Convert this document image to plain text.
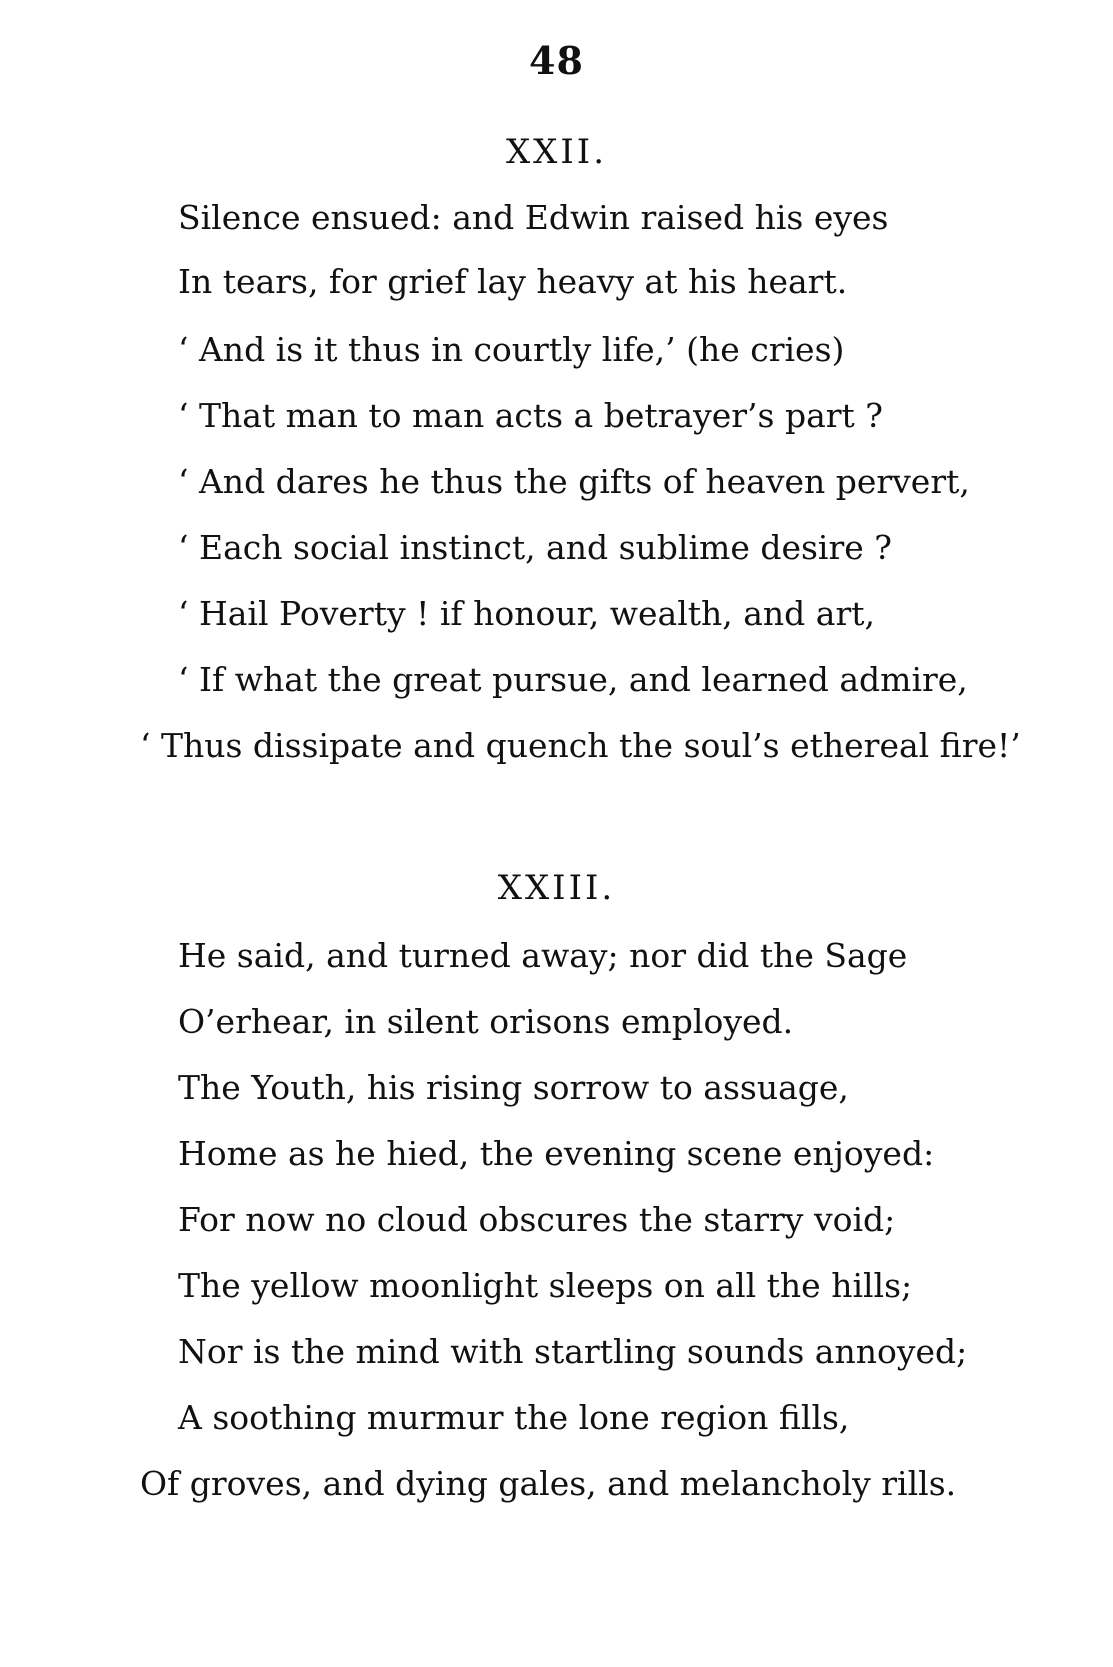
48
XXII.
Silence ensued: and Edwin raised his eyes
In tears, for grief lay heavy at his heart.
‘ And is it thus in courtly life,’ (he cries)
‘ That man to man acts a betrayer’s part ?
‘ And dares he thus the gifts of heaven pervert,
‘ Each social instinct, and sublime desire ?
‘ Hail Poverty ! if honour, wealth, and art,
‘ If what the great pursue, and learned admire,
‘ Thus dissipate and quench the soul’s ethereal fire!’
XXIII.
He said, and turned away; nor did the Sage
O’erhear, in silent orisons employed.
The Youth, his rising sorrow to assuage,
Home as he hied, the evening scene enjoyed:
For now no cloud obscures the starry void;
The yellow moonlight sleeps on all the hills;
Nor is the mind with startling sounds annoyed;
A soothing murmur the lone region fills,
Of groves, and dying gales, and melancholy rills.
